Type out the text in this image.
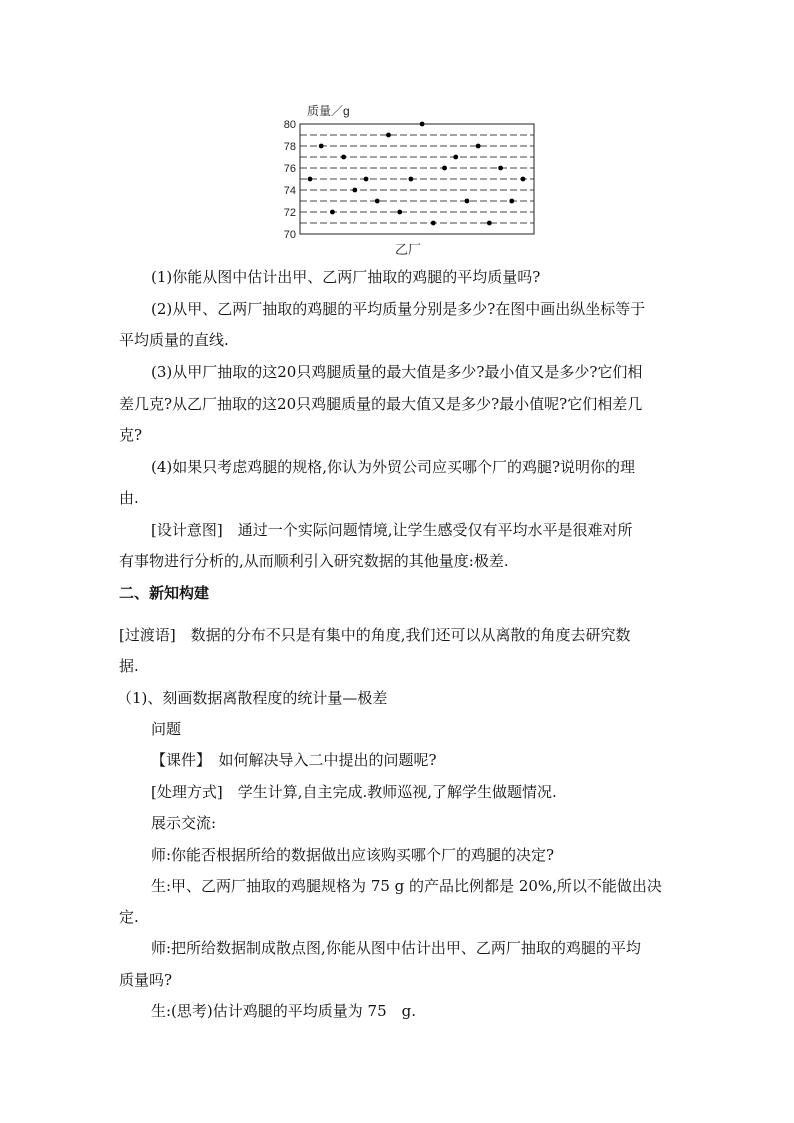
质量／g
80
78
76
74
72
70
乙厂

(1)你能从图中估计出甲、乙两厂抽取的鸡腿的平均质量吗?

(2)从甲、乙两厂抽取的鸡腿的平均质量分别是多少?在图中画出纵坐标等于

平均质量的直线.

(3)从甲厂抽取的这20只鸡腿质量的最大值是多少?最小值又是多少?它们相

差几克?从乙厂抽取的这20只鸡腿质量的最大值又是多少?最小值呢?它们相差几

克?

(4)如果只考虑鸡腿的规格,你认为外贸公司应买哪个厂的鸡腿?说明你的理

由.

[设计意图]　通过一个实际问题情境,让学生感受仅有平均水平是很难对所

有事物进行分析的,从而顺利引入研究数据的其他量度:极差.

二、新知构建

[过渡语]　数据的分布不只是有集中的角度,我们还可以从离散的角度去研究数

据.

（1)、刻画数据离散程度的统计量—极差

问题

【课件】　如何解决导入二中提出的问题呢?

[处理方式]　学生计算,自主完成.教师巡视,了解学生做题情况.

展示交流:

师:你能否根据所给的数据做出应该购买哪个厂的鸡腿的决定?

生:甲、乙两厂抽取的鸡腿规格为 75 g 的产品比例都是 20%,所以不能做出决

定.

师:把所给数据制成散点图,你能从图中估计出甲、乙两厂抽取的鸡腿的平均

质量吗?

生:(思考)估计鸡腿的平均质量为 75　g.
